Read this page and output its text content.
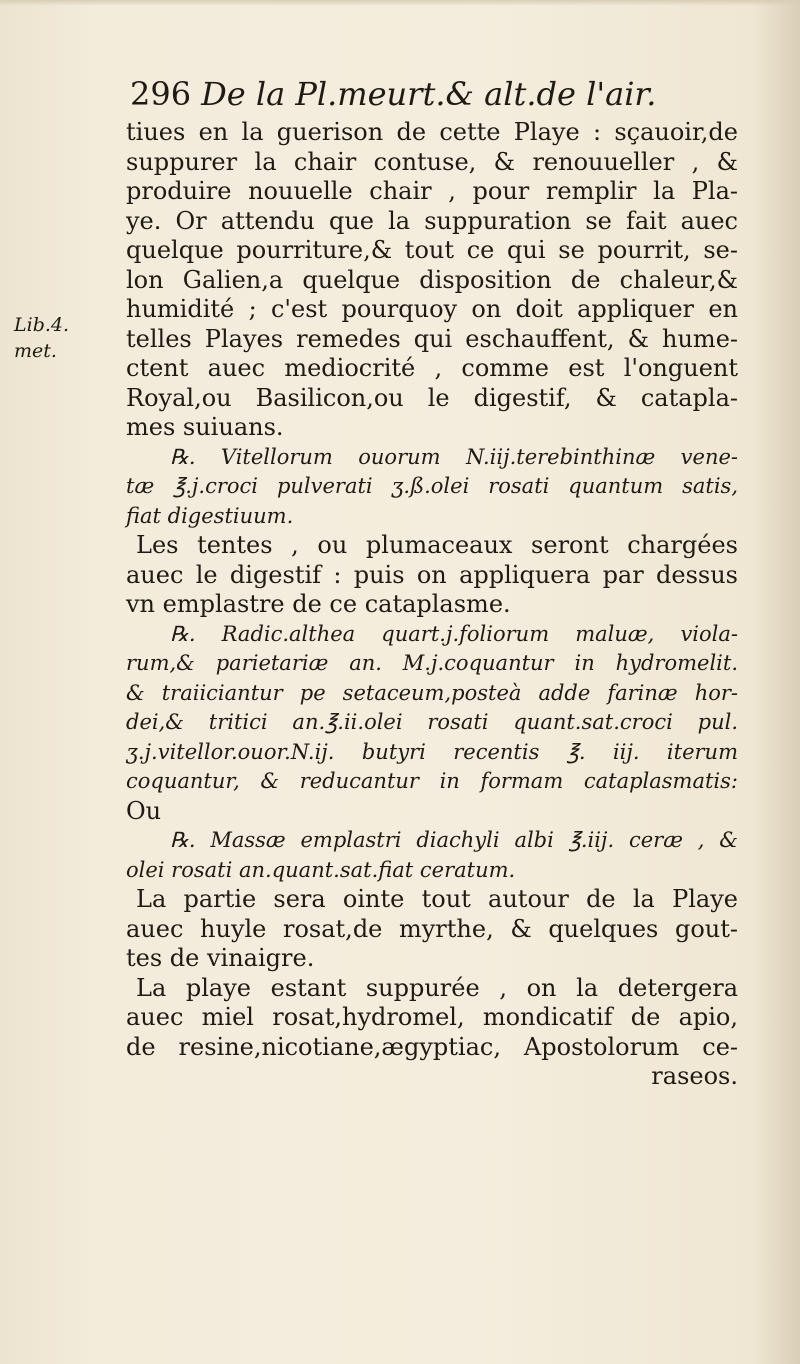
296 De la Pl.meurt.& alt.de l'air.
Lib.4.
met.
tiues en la guerison de cette Playe : sçauoir,de
suppurer la chair contuse, & renouueller , &
produire nouuelle chair , pour remplir la Pla-
ye. Or attendu que la suppuration se fait auec
quelque pourriture,& tout ce qui se pourrit, se-
lon Galien,a quelque disposition de chaleur,&
humidité ; c'est pourquoy on doit appliquer en
telles Playes remedes qui eschauffent, & hume-
ctent auec mediocrité , comme est l'onguent
Royal,ou Basilicon,ou le digestif, & catapla-
mes suiuans.
℞. Vitellorum ouorum N.iij.terebinthinæ vene-
tæ ℥.j.croci pulverati ʒ.ß.olei rosati quantum satis,
fiat digestiuum.
Les tentes , ou plumaceaux seront chargées
auec le digestif : puis on appliquera par dessus
vn emplastre de ce cataplasme.
℞. Radic.althea quart.j.foliorum maluæ, viola-
rum,& parietariæ an. M.j.coquantur in hydromelit.
& traiiciantur pe setaceum,posteà adde farinæ hor-
dei,& tritici an.℥.ii.olei rosati quant.sat.croci pul.
ʒ.j.vitellor.ouor.N.ij. butyri recentis ℥. iij. iterum
coquantur, & reducantur in formam cataplasmatis:
Ou
℞. Massæ emplastri diachyli albi ℥.iij. ceræ , &
olei rosati an.quant.sat.fiat ceratum.
La partie sera ointe tout autour de la Playe
auec huyle rosat,de myrthe, & quelques gout-
tes de vinaigre.
La playe estant suppurée , on la detergera
auec miel rosat,hydromel, mondicatif de apio,
de resine,nicotiane,ægyptiac, Apostolorum ce-
raseos.
